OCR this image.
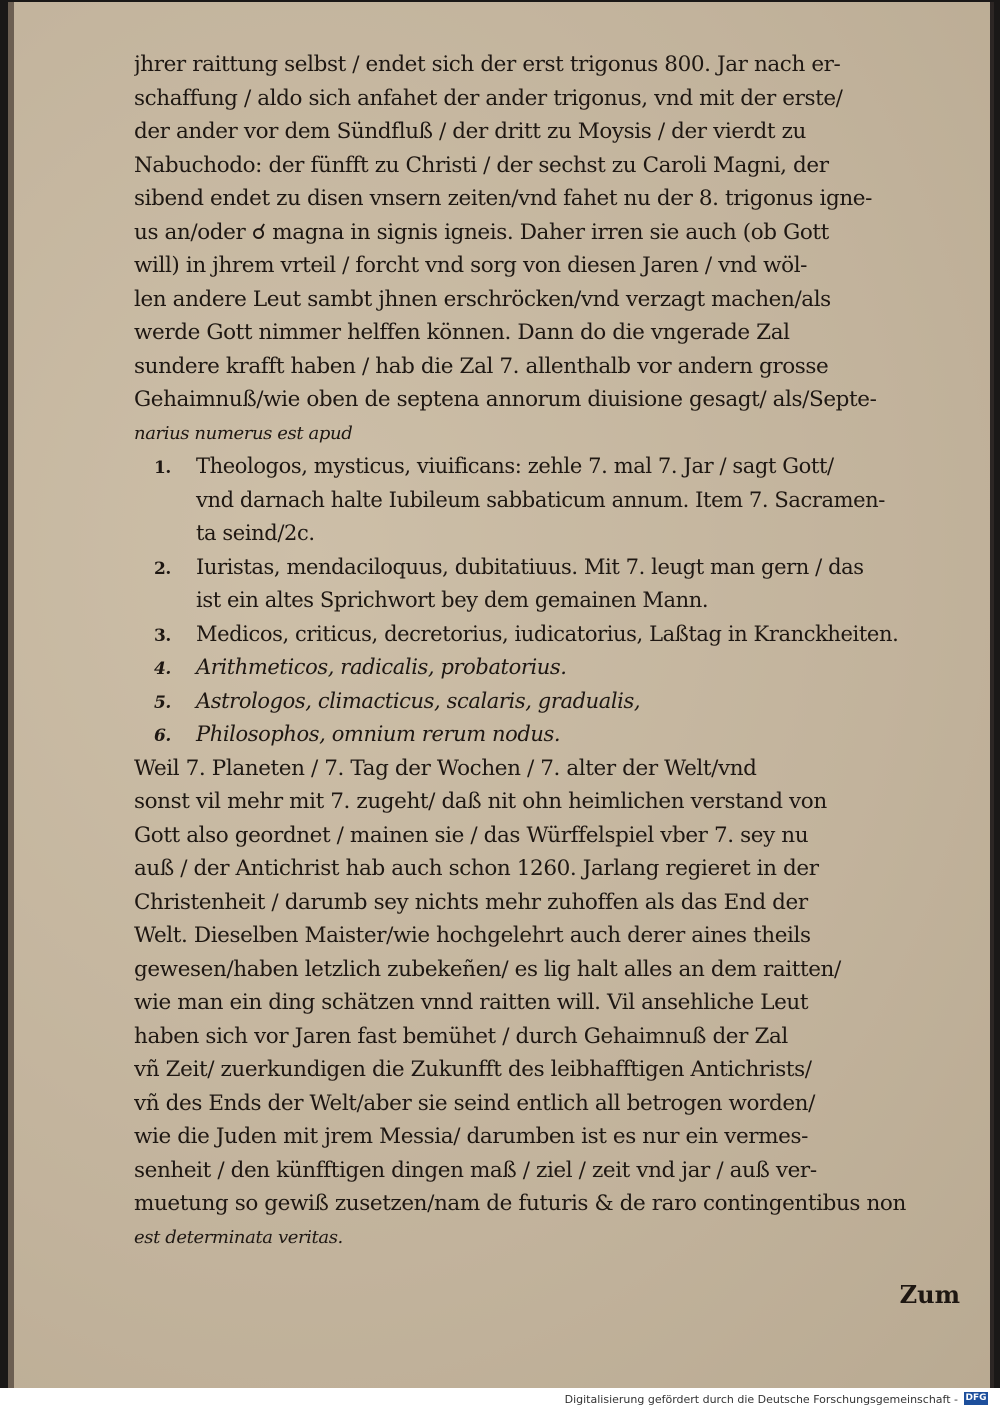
jhrer raittung selbst / endet sich der erst trigonus 800. Jar nach er-
schaffung / aldo sich anfahet der ander trigonus, vnd mit der erste/
der ander vor dem Sündfluß / der dritt zu Moysis / der vierdt zu
Nabuchodo: der fünfft zu Christi / der sechst zu Caroli Magni, der
sibend endet zu disen vnsern zeiten/vnd fahet nu der 8. trigonus igne-
us an/oder ☌ magna in signis igneis. Daher irren sie auch (ob Gott
will) in jhrem vrteil / forcht vnd sorg von diesen Jaren / vnd wöl-
len andere Leut sambt jhnen erschröcken/vnd verzagt machen/als
werde Gott nimmer helffen können. Dann do die vngerade Zal
sundere krafft haben / hab die Zal 7. allenthalb vor andern grosse
Gehaimnuß/wie oben de septena annorum diuisione gesagt/ als/Septe-
narius numerus est apud
1. Theologos, mysticus, viuificans: zehle 7. mal 7. Jar / sagt Gott/
vnd darnach halte Iubileum sabbaticum annum. Item 7. Sacramen-
ta seind/2c.
2. Iuristas, mendaciloquus, dubitatiuus. Mit 7. leugt man gern / das
ist ein altes Sprichwort bey dem gemainen Mann.
3. Medicos, criticus, decretorius, iudicatorius, Laßtag in Kranckheiten.
4. Arithmeticos, radicalis, probatorius.
5. Astrologos, climacticus, scalaris, gradualis,
6. Philosophos, omnium rerum nodus.
Weil 7. Planeten / 7. Tag der Wochen / 7. alter der Welt/vnd
sonst vil mehr mit 7. zugeht/ daß nit ohn heimlichen verstand von
Gott also geordnet / mainen sie / das Würffelspiel vber 7. sey nu
auß / der Antichrist hab auch schon 1260. Jarlang regieret in der
Christenheit / darumb sey nichts mehr zuhoffen als das End der
Welt. Dieselben Maister/wie hochgelehrt auch derer aines theils
gewesen/haben letzlich zubekeñen/ es lig halt alles an dem raitten/
wie man ein ding schätzen vnnd raitten will. Vil ansehliche Leut
haben sich vor Jaren fast bemühet / durch Gehaimnuß der Zal
vñ Zeit/ zuerkundigen die Zukunfft des leibhafftigen Antichrists/
vñ des Ends der Welt/aber sie seind entlich all betrogen worden/
wie die Juden mit jrem Messia/ darumben ist es nur ein vermes-
senheit / den künfftigen dingen maß / ziel / zeit vnd jar / auß ver-
muetung so gewiß zusetzen/nam de futuris & de raro contingentibus non
est determinata veritas.
Zum
Digitalisierung gefördert durch die Deutsche Forschungsgemeinschaft - DFG
